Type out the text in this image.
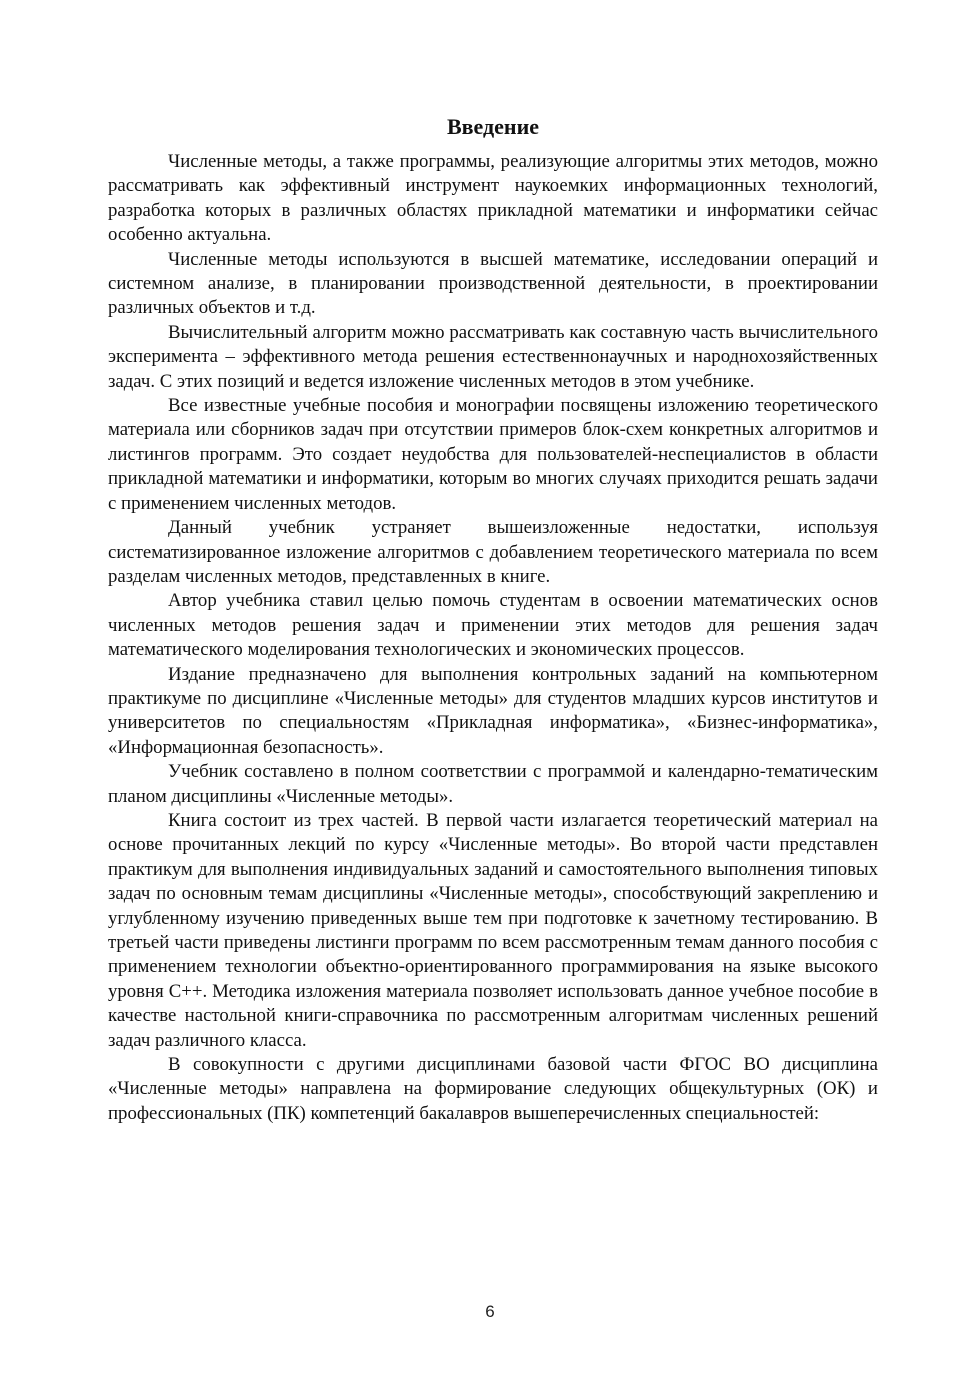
Введение

Численные методы, а также программы, реализующие алгоритмы этих методов, можно рассматривать как эффективный инструмент наукоемких информационных технологий, разработка которых в различных областях прикладной математики и информатики сейчас особенно актуальна.

Численные методы используются в высшей математике, исследовании операций и системном анализе, в планировании производственной деятельности, в проектировании различных объектов и т.д.

Вычислительный алгоритм можно рассматривать как составную часть вычислительного эксперимента – эффективного метода решения естественнонаучных и народнохозяйственных задач. С этих позиций и ведется изложение численных методов в этом учебнике.

Все известные учебные пособия и монографии посвящены изложению теоретического материала или сборников задач при отсутствии примеров блок-схем конкретных алгоритмов и листингов программ. Это создает неудобства для пользователей-неспециалистов в области прикладной математики и информатики, которым во многих случаях приходится решать задачи с применением численных методов.

Данный учебник устраняет вышеизложенные недостатки, используя систематизированное изложение алгоритмов с добавлением теоретического материала по всем разделам численных методов, представленных в книге.

Автор учебника ставил целью помочь студентам в освоении математических основ численных методов решения задач и применении этих методов для решения задач математического моделирования технологических и экономических процессов.

Издание предназначено для выполнения контрольных заданий на компьютерном практикуме по дисциплине «Численные методы» для студентов младших курсов институтов и университетов по специальностям «Прикладная информатика», «Бизнес-информатика», «Информационная безопасность».

Учебник составлено в полном соответствии с программой и календарно-тематическим планом дисциплины «Численные методы».

Книга состоит из трех частей. В первой части излагается теоретический материал на основе прочитанных лекций по курсу «Численные методы». Во второй части представлен практикум для выполнения индивидуальных заданий и самостоятельного выполнения типовых задач по основным темам дисциплины «Численные методы», способствующий закреплению и углубленному изучению приведенных выше тем при подготовке к зачетному тестированию. В третьей части приведены листинги программ по всем рассмотренным темам данного пособия с применением технологии объектно-ориентированного программирования на языке высокого уровня С++. Методика изложения материала позволяет использовать данное учебное пособие в качестве настольной книги-справочника по рассмотренным алгоритмам численных решений задач различного класса.

В совокупности с другими дисциплинами базовой части ФГОС ВО дисциплина «Численные методы» направлена на формирование следующих общекультурных (ОК) и профессиональных (ПК) компетенций бакалавров вышеперечисленных специальностей:

6
